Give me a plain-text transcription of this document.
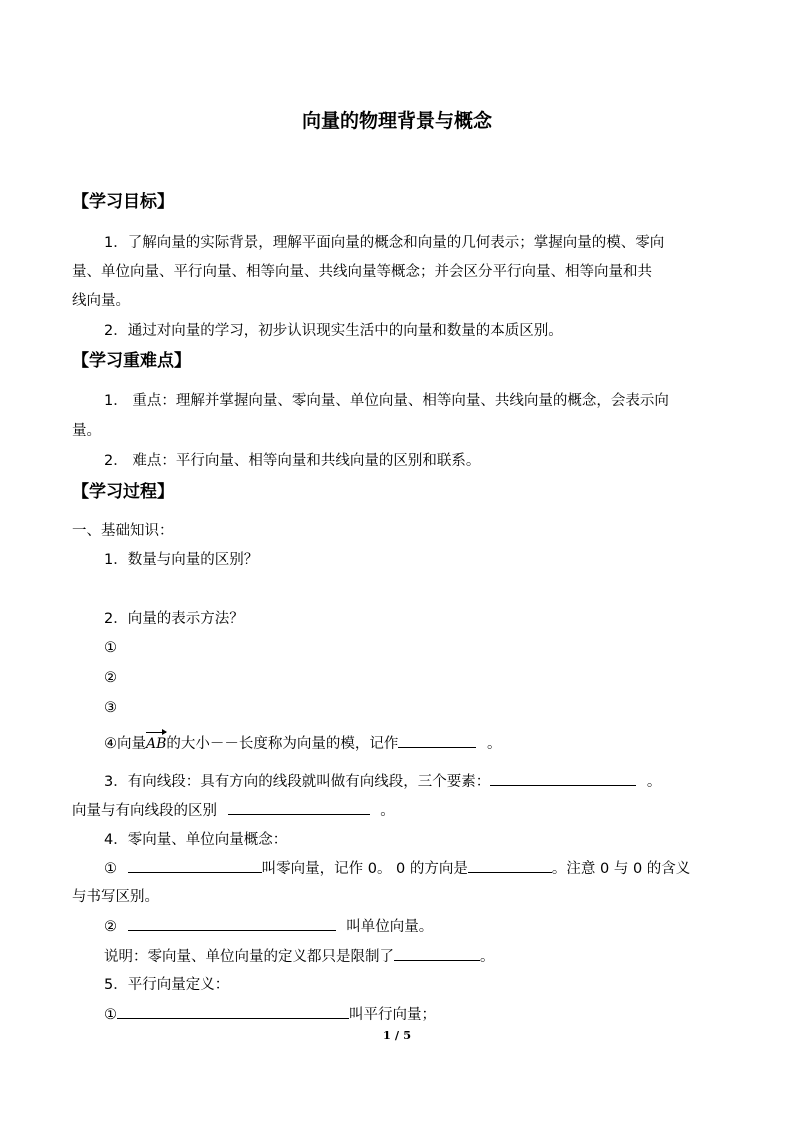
向量的物理背景与概念
【学习目标】
1．了解向量的实际背景，理解平面向量的概念和向量的几何表示；掌握向量的模、零向
量、单位向量、平行向量、相等向量、共线向量等概念；并会区分平行向量、相等向量和共
线向量。
2．通过对向量的学习，初步认识现实生活中的向量和数量的本质区别。
【学习重难点】
1． 重点：理解并掌握向量、零向量、单位向量、相等向量、共线向量的概念，会表示向
量。
2． 难点：平行向量、相等向量和共线向量的区别和联系。
【学习过程】
一、基础知识：
1．数量与向量的区别？
2．向量的表示方法？
①
②
③
④向量AB的大小－－长度称为向量的模，记作	。
3．有向线段：具有方向的线段就叫做有向线段，三个要素：	。
向量与有向线段的区别	。
4．零向量、单位向量概念：
①	叫零向量，记作 0。 0 的方向是	。注意 0 与 0 的含义
与书写区别。
②	叫单位向量。
说明：零向量、单位向量的定义都只是限制了	。
5．平行向量定义：
①	叫平行向量；
1 / 5
